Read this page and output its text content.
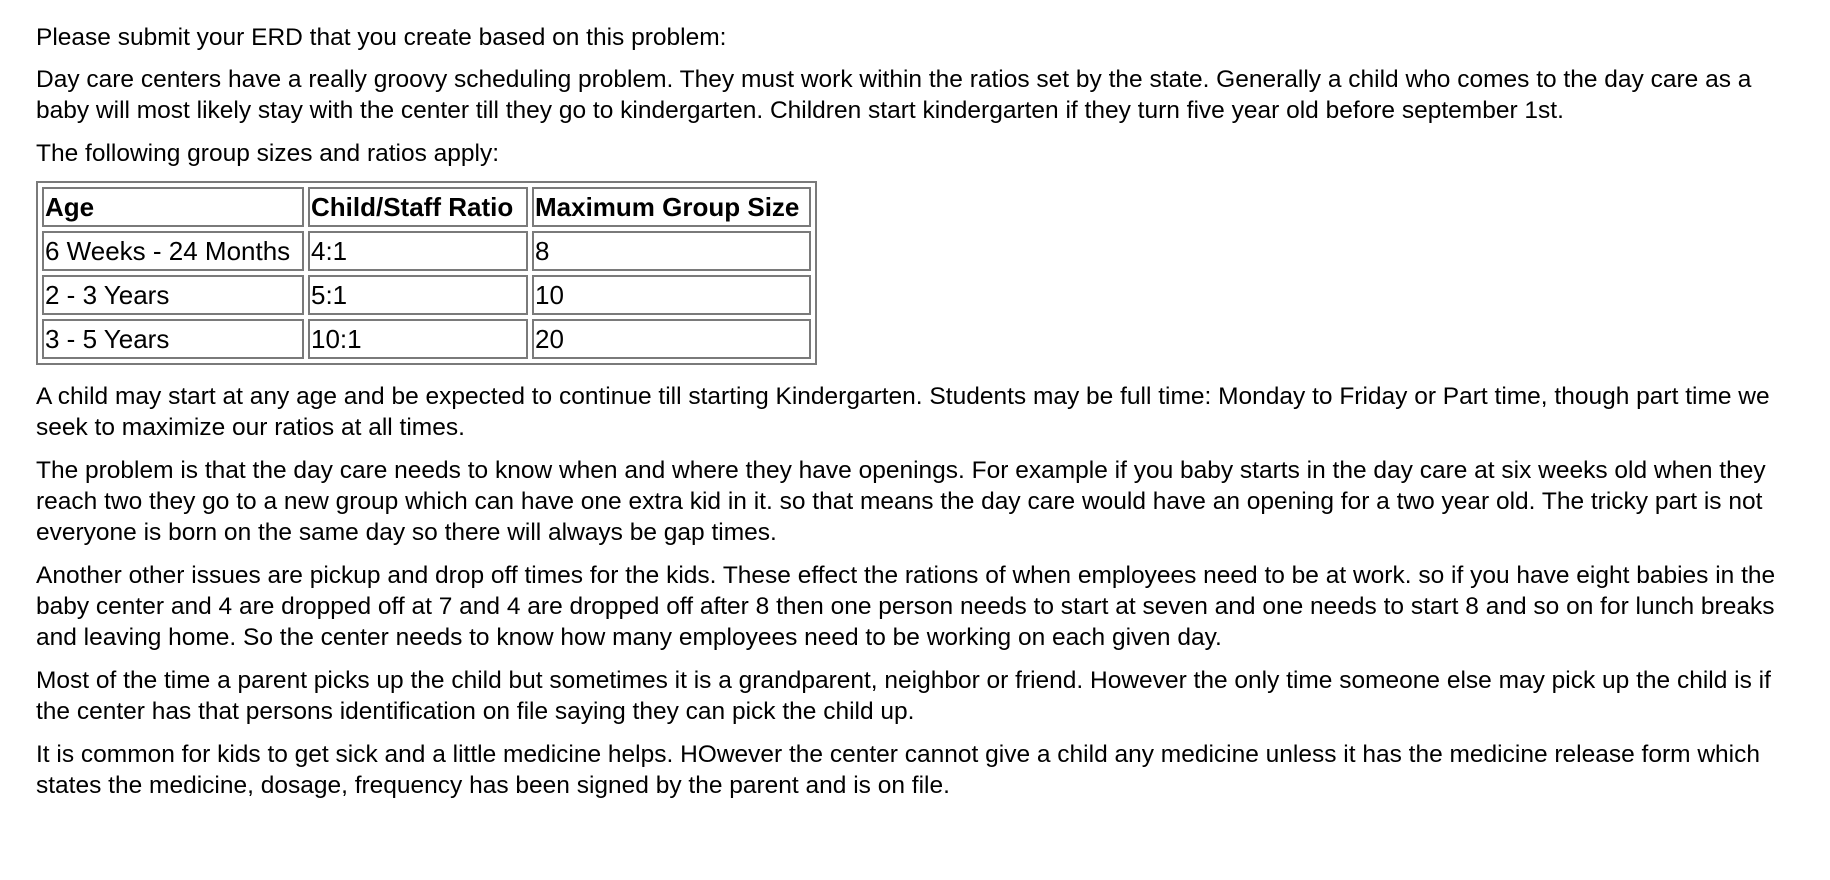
Please submit your ERD that you create based on this problem:

Day care centers have a really groovy scheduling problem. They must work within the ratios set by the state. Generally a child who comes to the day care as a baby will most likely stay with the center till they go to kindergarten. Children start kindergarten if they turn five year old before september 1st.

The following group sizes and ratios apply:

Age	Child/Staff Ratio	Maximum Group Size
6 Weeks - 24 Months	4:1	8
2 - 3 Years	5:1	10
3 - 5 Years	10:1	20

A child may start at any age and be expected to continue till starting Kindergarten. Students may be full time: Monday to Friday or Part time, though part time we seek to maximize our ratios at all times.

The problem is that the day care needs to know when and where they have openings. For example if you baby starts in the day care at six weeks old when they reach two they go to a new group which can have one extra kid in it. so that means the day care would have an opening for a two year old. The tricky part is not everyone is born on the same day so there will always be gap times.

Another other issues are pickup and drop off times for the kids. These effect the rations of when employees need to be at work. so if you have eight babies in the baby center and 4 are dropped off at 7 and 4 are dropped off after 8 then one person needs to start at seven and one needs to start 8 and so on for lunch breaks and leaving home. So the center needs to know how many employees need to be working on each given day.

Most of the time a parent picks up the child but sometimes it is a grandparent, neighbor or friend. However the only time someone else may pick up the child is if the center has that persons identification on file saying they can pick the child up.

It is common for kids to get sick and a little medicine helps. HOwever the center cannot give a child any medicine unless it has the medicine release form which states the medicine, dosage, frequency has been signed by the parent and is on file.
